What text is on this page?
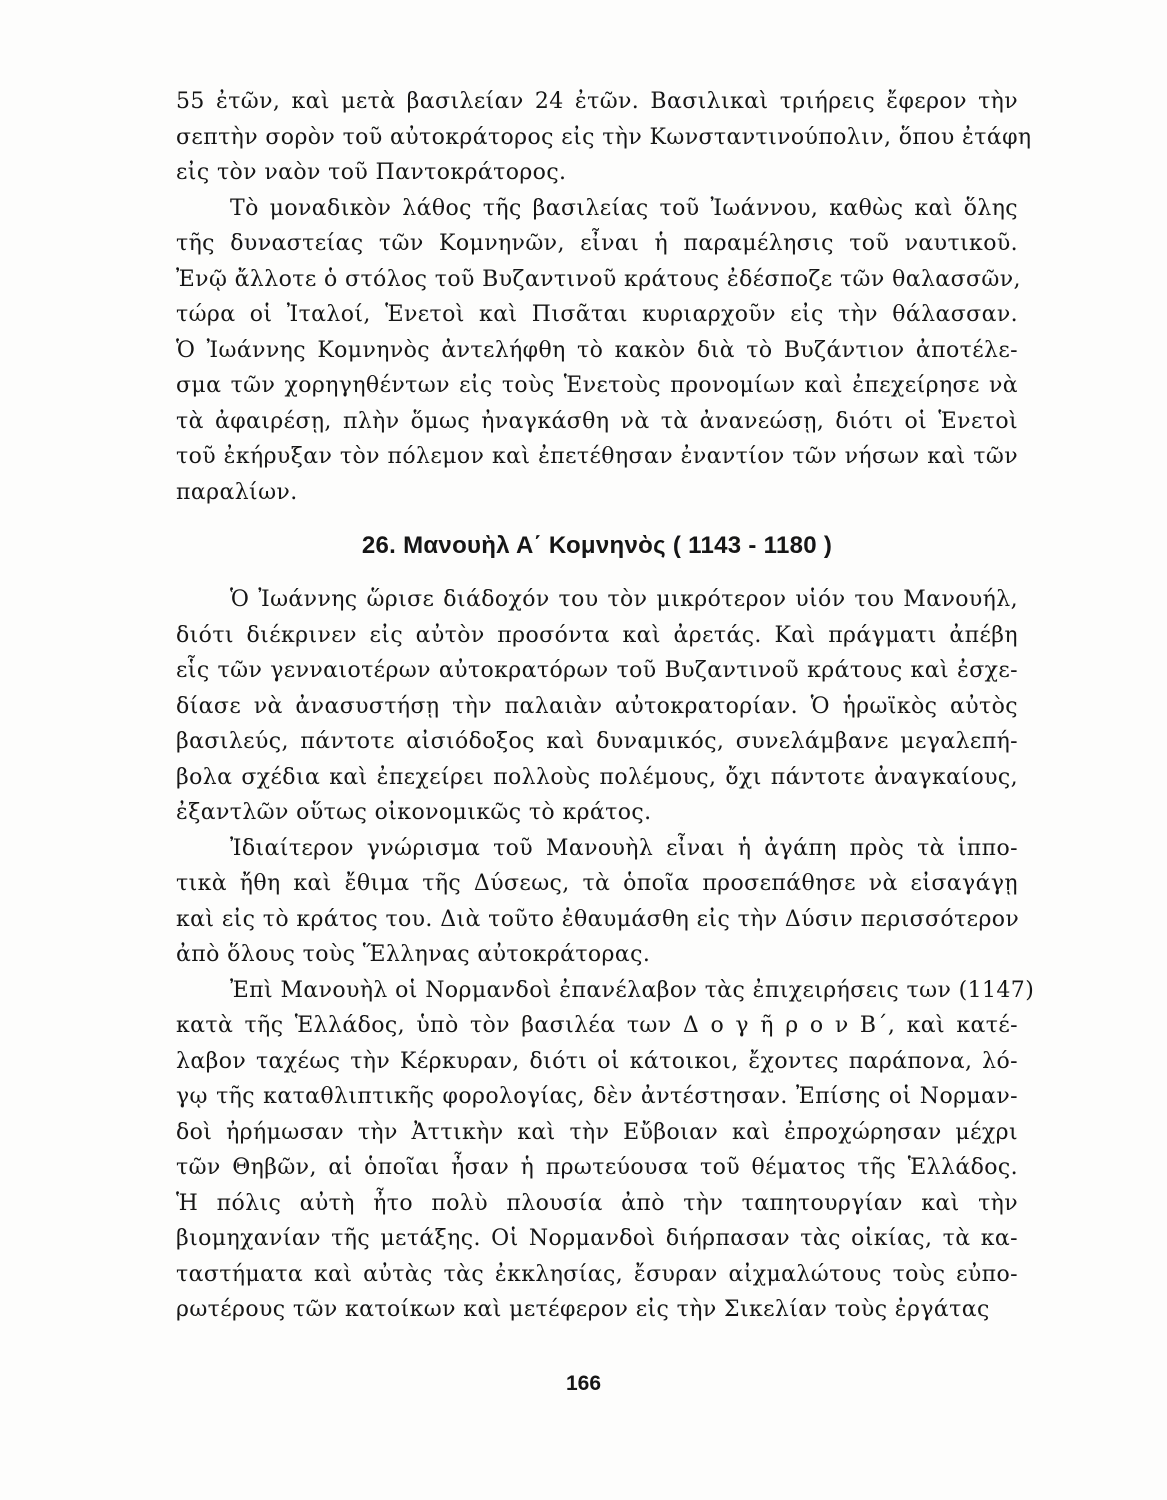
55 ἐτῶν, καὶ μετὰ βασιλείαν 24 ἐτῶν. Βασιλικαὶ τριήρεις ἔφερον τὴν
σεπτὴν σορὸν τοῦ αὐτοκράτορος εἰς τὴν Κωνσταντινούπολιν, ὅπου ἐτάφη
εἰς τὸν ναὸν τοῦ Παντοκράτορος.

Τὸ μοναδικὸν λάθος τῆς βασιλείας τοῦ Ἰωάννου, καθὼς καὶ ὅλης
τῆς δυναστείας τῶν Κομνηνῶν, εἶναι ἡ παραμέλησις τοῦ ναυτικοῦ.
Ἐνῷ ἄλλοτε ὁ στόλος τοῦ Βυζαντινοῦ κράτους ἐδέσποζε τῶν θαλασσῶν,
τώρα οἱ Ἰταλοί, Ἑνετοὶ καὶ Πισᾶται κυριαρχοῦν εἰς τὴν θάλασσαν.
Ὁ Ἰωάννης Κομνηνὸς ἀντελήφθη τὸ κακὸν διὰ τὸ Βυζάντιον ἀποτέλε-
σμα τῶν χορηγηθέντων εἰς τοὺς Ἑνετοὺς προνομίων καὶ ἐπεχείρησε νὰ
τὰ ἀφαιρέσῃ, πλὴν ὅμως ἠναγκάσθη νὰ τὰ ἀνανεώσῃ, διότι οἱ Ἑνετοὶ
τοῦ ἐκήρυξαν τὸν πόλεμον καὶ ἐπετέθησαν ἐναντίον τῶν νήσων καὶ τῶν
παραλίων.

26. Μανουὴλ Α΄ Κομνηνὸς ( 1143 - 1180 )

Ὁ Ἰωάννης ὥρισε διάδοχόν του τὸν μικρότερον υἱόν του Μανουήλ,
διότι διέκρινεν εἰς αὐτὸν προσόντα καὶ ἀρετάς. Καὶ πράγματι ἀπέβη
εἷς τῶν γενναιοτέρων αὐτοκρατόρων τοῦ Βυζαντινοῦ κράτους καὶ ἐσχε-
δίασε νὰ ἀνασυστήσῃ τὴν παλαιὰν αὐτοκρατορίαν. Ὁ ἡρωϊκὸς αὐτὸς
βασιλεύς, πάντοτε αἰσιόδοξος καὶ δυναμικός, συνελάμβανε μεγαλεπή-
βολα σχέδια καὶ ἐπεχείρει πολλοὺς πολέμους, ὄχι πάντοτε ἀναγκαίους,
ἐξαντλῶν οὕτως οἰκονομικῶς τὸ κράτος.

Ἰδιαίτερον γνώρισμα τοῦ Μανουὴλ εἶναι ἡ ἀγάπη πρὸς τὰ ἱππο-
τικὰ ἤθη καὶ ἔθιμα τῆς Δύσεως, τὰ ὁποῖα προσεπάθησε νὰ εἰσαγάγῃ
καὶ εἰς τὸ κράτος του. Διὰ τοῦτο ἐθαυμάσθη εἰς τὴν Δύσιν περισσότερον
ἀπὸ ὅλους τοὺς Ἕλληνας αὐτοκράτορας.

Ἐπὶ Μανουὴλ οἱ Νορμανδοὶ ἐπανέλαβον τὰς ἐπιχειρήσεις των (1147)
κατὰ τῆς Ἑλλάδος, ὑπὸ τὸν βασιλέα των Δ ο γ ῆ ρ ο ν Β΄, καὶ κατέ-
λαβον ταχέως τὴν Κέρκυραν, διότι οἱ κάτοικοι, ἔχοντες παράπονα, λό-
γῳ τῆς καταθλιπτικῆς φορολογίας, δὲν ἀντέστησαν. Ἐπίσης οἱ Νορμαν-
δοὶ ἠρήμωσαν τὴν Ἀττικὴν καὶ τὴν Εὔβοιαν καὶ ἐπροχώρησαν μέχρι
τῶν Θηβῶν, αἱ ὁποῖαι ἦσαν ἡ πρωτεύουσα τοῦ θέματος τῆς Ἑλλάδος.
Ἡ πόλις αὐτὴ ἦτο πολὺ πλουσία ἀπὸ τὴν ταπητουργίαν καὶ τὴν
βιομηχανίαν τῆς μετάξης. Οἱ Νορμανδοὶ διήρπασαν τὰς οἰκίας, τὰ κα-
ταστήματα καὶ αὐτὰς τὰς ἐκκλησίας, ἔσυραν αἰχμαλώτους τοὺς εὐπο-
ρωτέρους τῶν κατοίκων καὶ μετέφερον εἰς τὴν Σικελίαν τοὺς ἐργάτας

166
